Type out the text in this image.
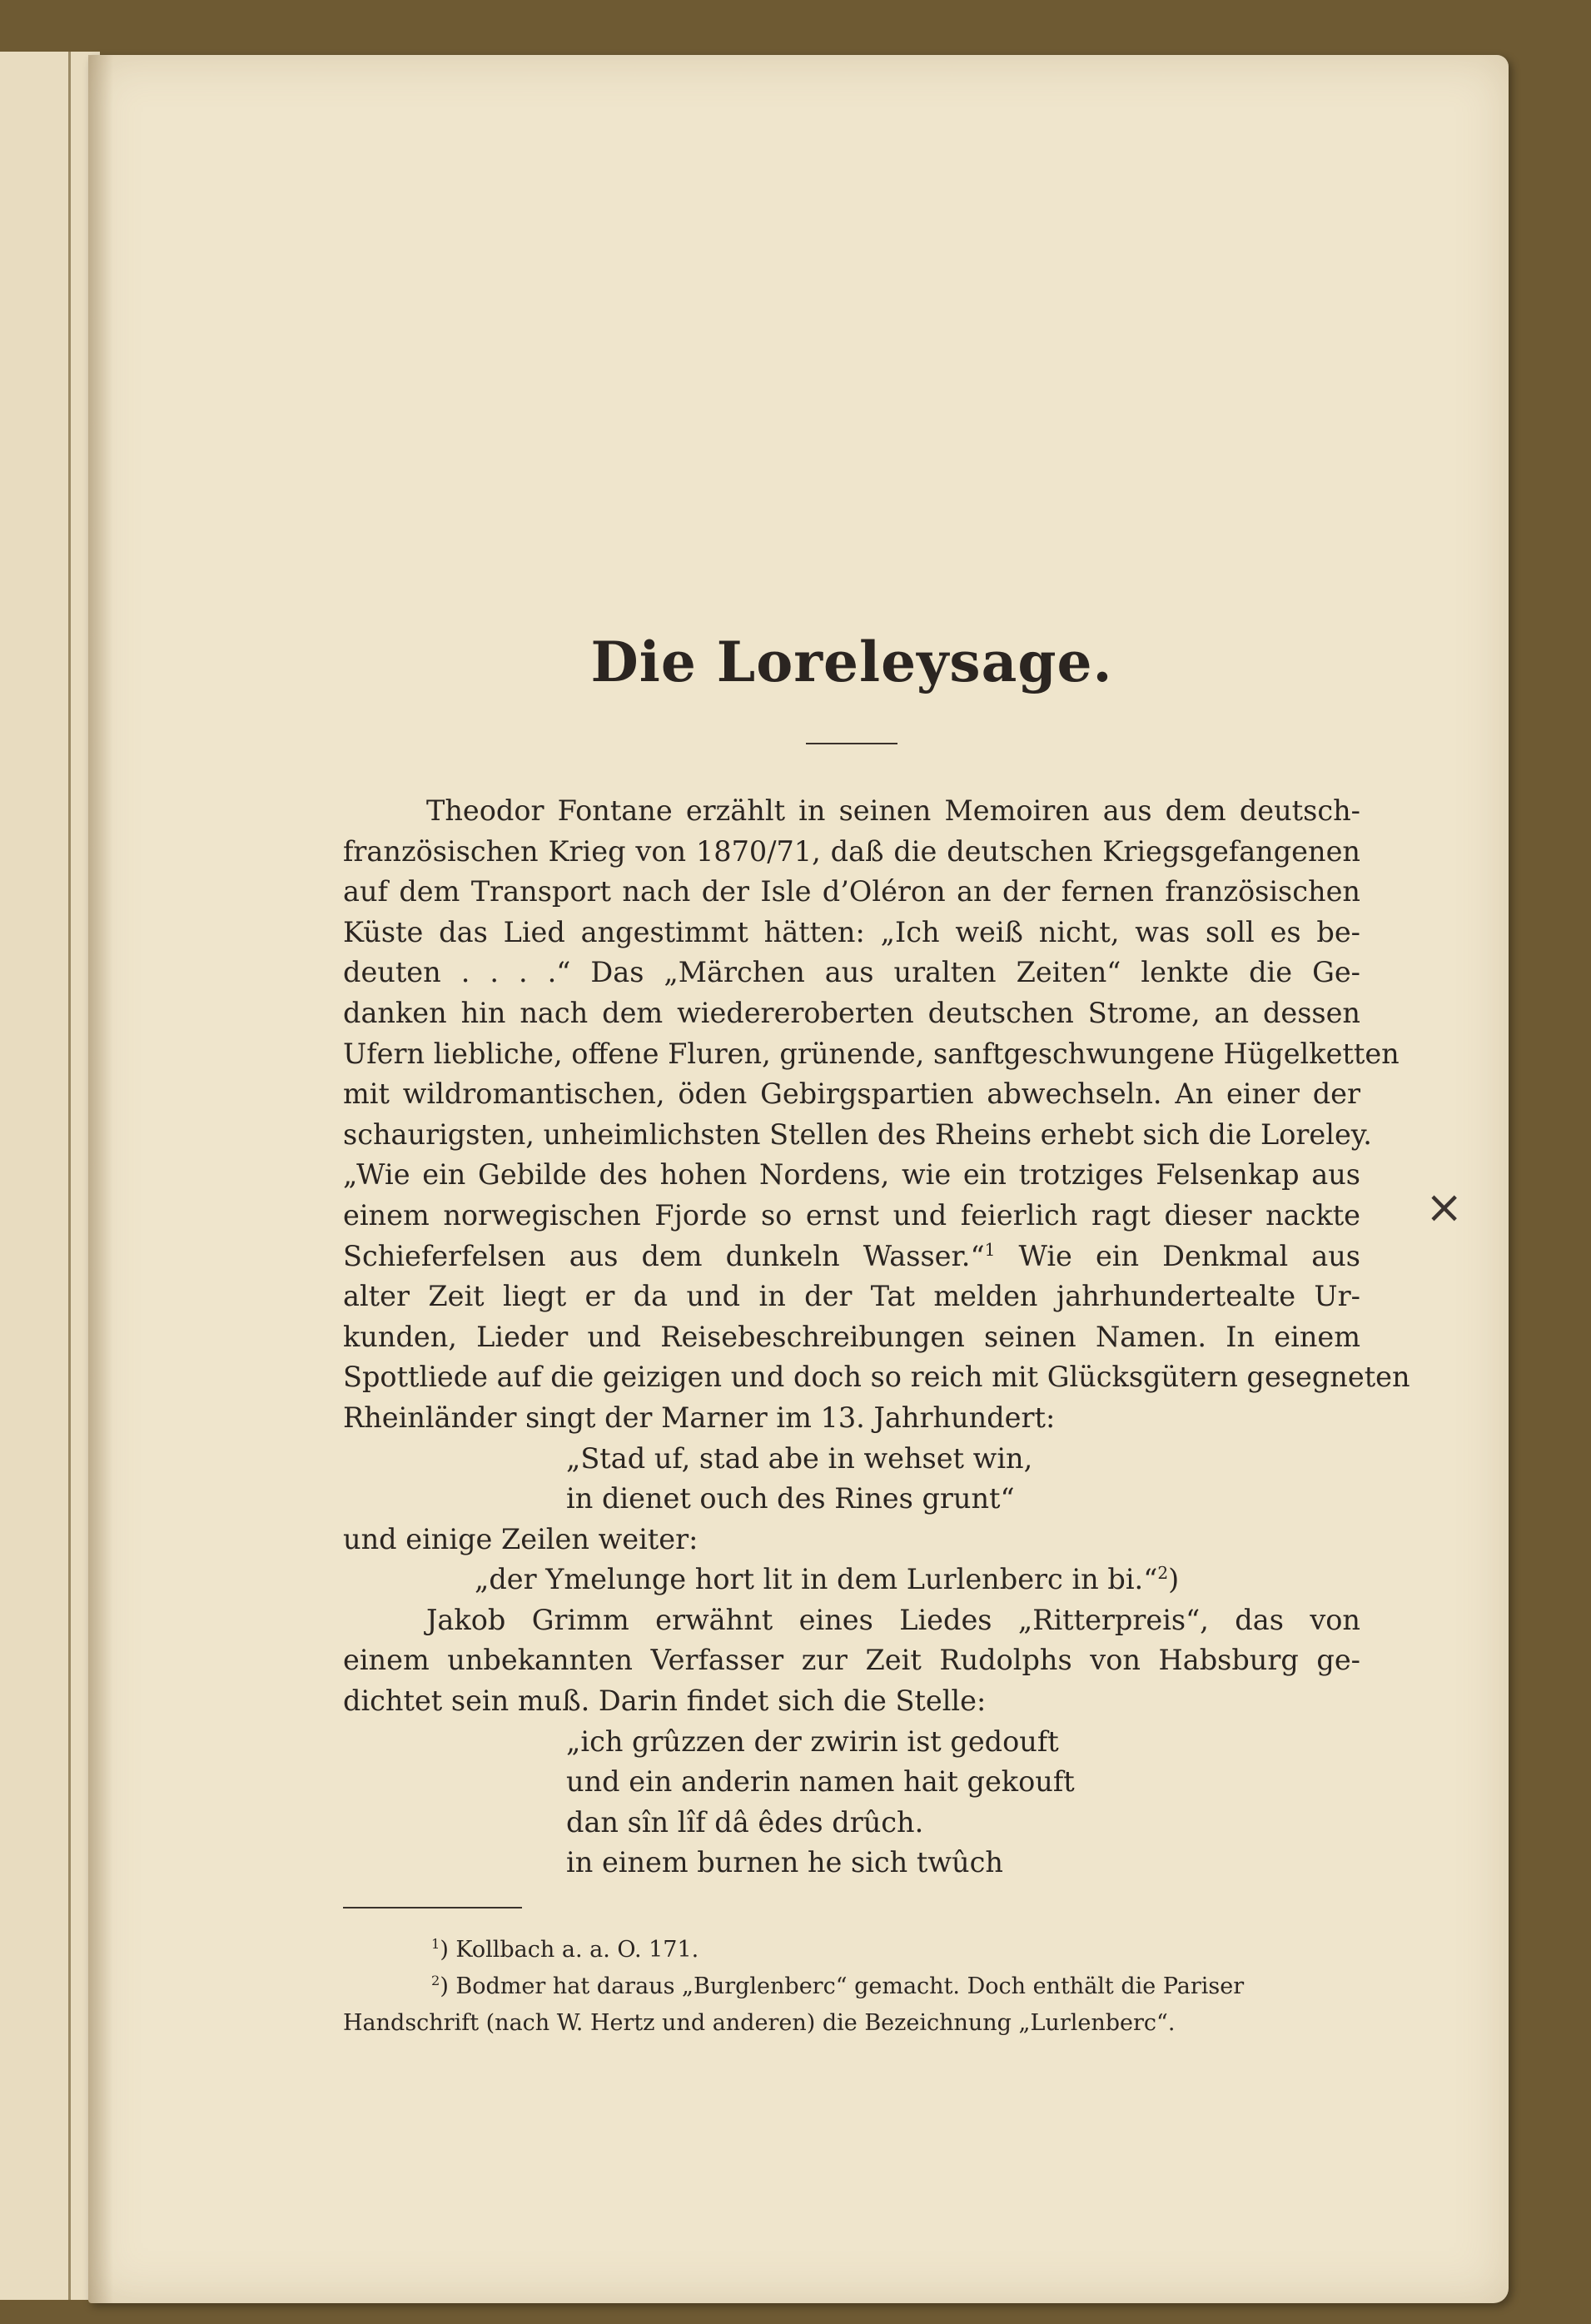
Die Loreleysage.
Theodor Fontane erzählt in seinen Memoiren aus dem deutsch-
französischen Krieg von 1870/71, daß die deutschen Kriegsgefangenen
auf dem Transport nach der Isle d’Oléron an der fernen französischen
Küste das Lied angestimmt hätten: „Ich weiß nicht, was soll es be-
deuten . . . .“ Das „Märchen aus uralten Zeiten“ lenkte die Ge-
danken hin nach dem wiedereroberten deutschen Strome, an dessen
Ufern liebliche, offene Fluren, grünende, sanftgeschwungene Hügelketten
mit wildromantischen, öden Gebirgspartien abwechseln. An einer der
schaurigsten, unheimlichsten Stellen des Rheins erhebt sich die Loreley.
„Wie ein Gebilde des hohen Nordens, wie ein trotziges Felsenkap aus
einem norwegischen Fjorde so ernst und feierlich ragt dieser nackte
Schieferfelsen aus dem dunkeln Wasser.“$^1$ Wie ein Denkmal aus
alter Zeit liegt er da und in der Tat melden jahrhundertealte Ur-
kunden, Lieder und Reisebeschreibungen seinen Namen. In einem
Spottliede auf die geizigen und doch so reich mit Glücksgütern gesegneten
Rheinländer singt der Marner im 13. Jahrhundert:
„Stad uf, stad abe in wehset win,
in dienet ouch des Rines grunt“
und einige Zeilen weiter:
„der Ymelunge hort lit in dem Lurlenberc in bi.“$^2$)
Jakob Grimm erwähnt eines Liedes „Ritterpreis“, das von
einem unbekannten Verfasser zur Zeit Rudolphs von Habsburg ge-
dichtet sein muß. Darin findet sich die Stelle:
„ich grûzzen der zwirin ist gedouft
und ein anderin namen hait gekouft
dan sîn lîf dâ êdes drûch.
in einem burnen he sich twûch
$^1$) Kollbach a. a. O. 171.
$^2$) Bodmer hat daraus „Burglenberc“ gemacht. Doch enthält die Pariser
Handschrift (nach W. Hertz und anderen) die Bezeichnung „Lurlenberc“.
×
